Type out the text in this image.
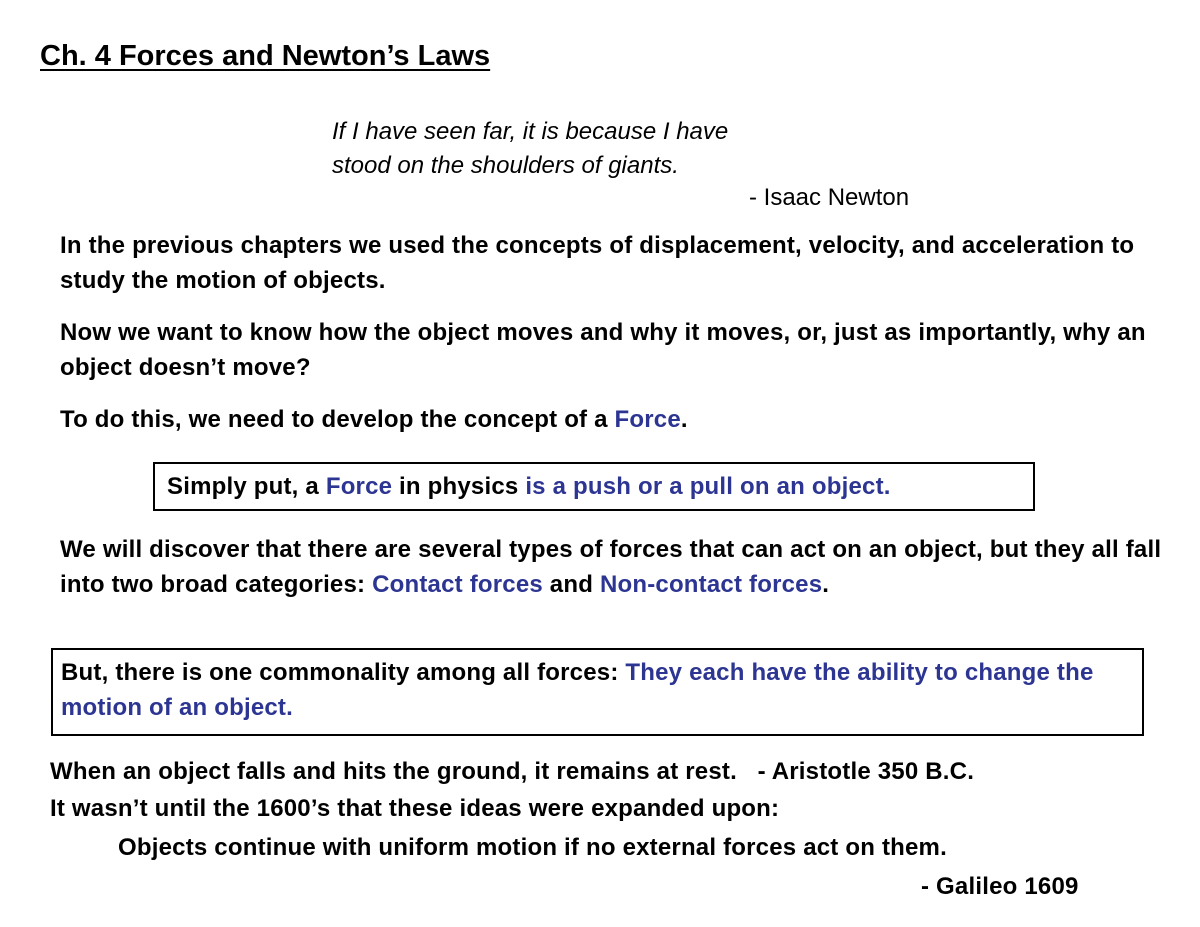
Ch. 4 Forces and Newton’s Laws
If I have seen far, it is because I have
stood on the shoulders of giants.
- Isaac Newton

In the previous chapters we used the concepts of displacement, velocity, and acceleration to study the motion of objects.

Now we want to know how the object moves and why it moves, or, just as importantly, why an object doesn’t move?

To do this, we need to develop the concept of a Force.

Simply put, a Force in physics is a push or a pull on an object.

We will discover that there are several types of forces that can act on an object, but they all fall into two broad categories: Contact forces and Non-contact forces.

But, there is one commonality among all forces: They each have the ability to change the motion of an object.
When an object falls and hits the ground, it remains at rest.   - Aristotle 350 B.C.
It wasn’t until the 1600’s that these ideas were expanded upon:
Objects continue with uniform motion if no external forces act on them.
- Galileo 1609
